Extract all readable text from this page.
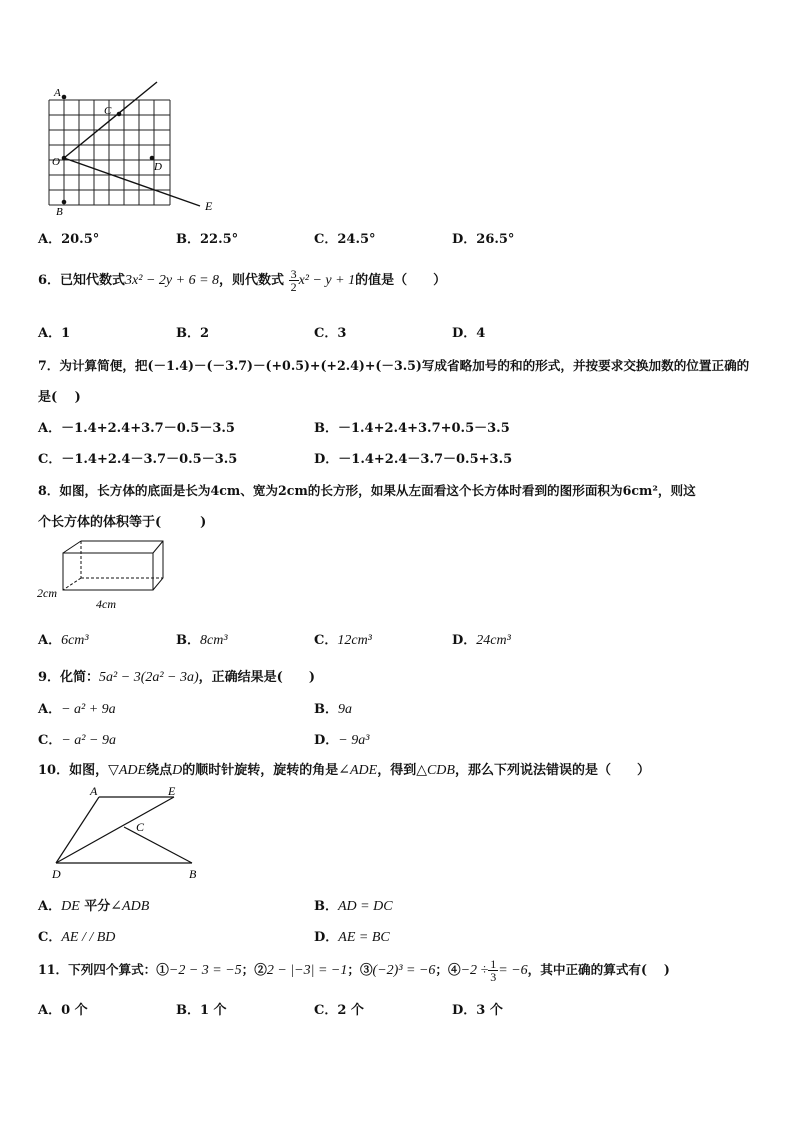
A
C
O	D
B	E
A．20.5°	B．22.5°	C．24.5°	D．26.5°
6．已知代数式3x² − 2y + 6 = 8，则代数式 $\frac{3}{2} x^2 - y + 1$的值是（　　）
A．1	B．2	C．3	D．4
7．为计算简便，把(－1.4)－(－3.7)－(+0.5)+(+2.4)+(－3.5)写成省略加号的和的形式，并按要求交换加数的位置正确的
是(　 )
A．－1.4+2.4+3.7－0.5－3.5	B．－1.4+2.4+3.7+0.5－3.5
C．－1.4+2.4－3.7－0.5－3.5	D．－1.4+2.4－3.7－0.5+3.5
8．如图，长方体的底面是长为4cm、宽为2cm的长方形，如果从左面看这个长方体时看到的图形面积为6cm²，则这
个长方体的体积等于(　　　)
2cm
4cm
A．6cm³	B．8cm³	C．12cm³	D．24cm³
9．化简：5a² − 3(2a² − 3a)，正确结果是(　　)
A．− a² + 9a	B．9a
C．− a² − 9a	D．− 9a³
10．如图，▽ADE绕点D的顺时针旋转，旋转的角是∠ADE，得到△CDB，那么下列说法错误的是（　　）
A	E
C
D	B
A．DE 平分∠ADB	B．AD = DC
C．AE / / BD	D．AE = BC
11．下列四个算式：①−2 − 3 = −5；②2 − |−3| = −1；③(−2)³ = −6；④−2 ÷ $\frac{1}{3} = -6$，其中正确的算式有(　 )
A．0 个	B．1 个	C．2 个	D．3 个
